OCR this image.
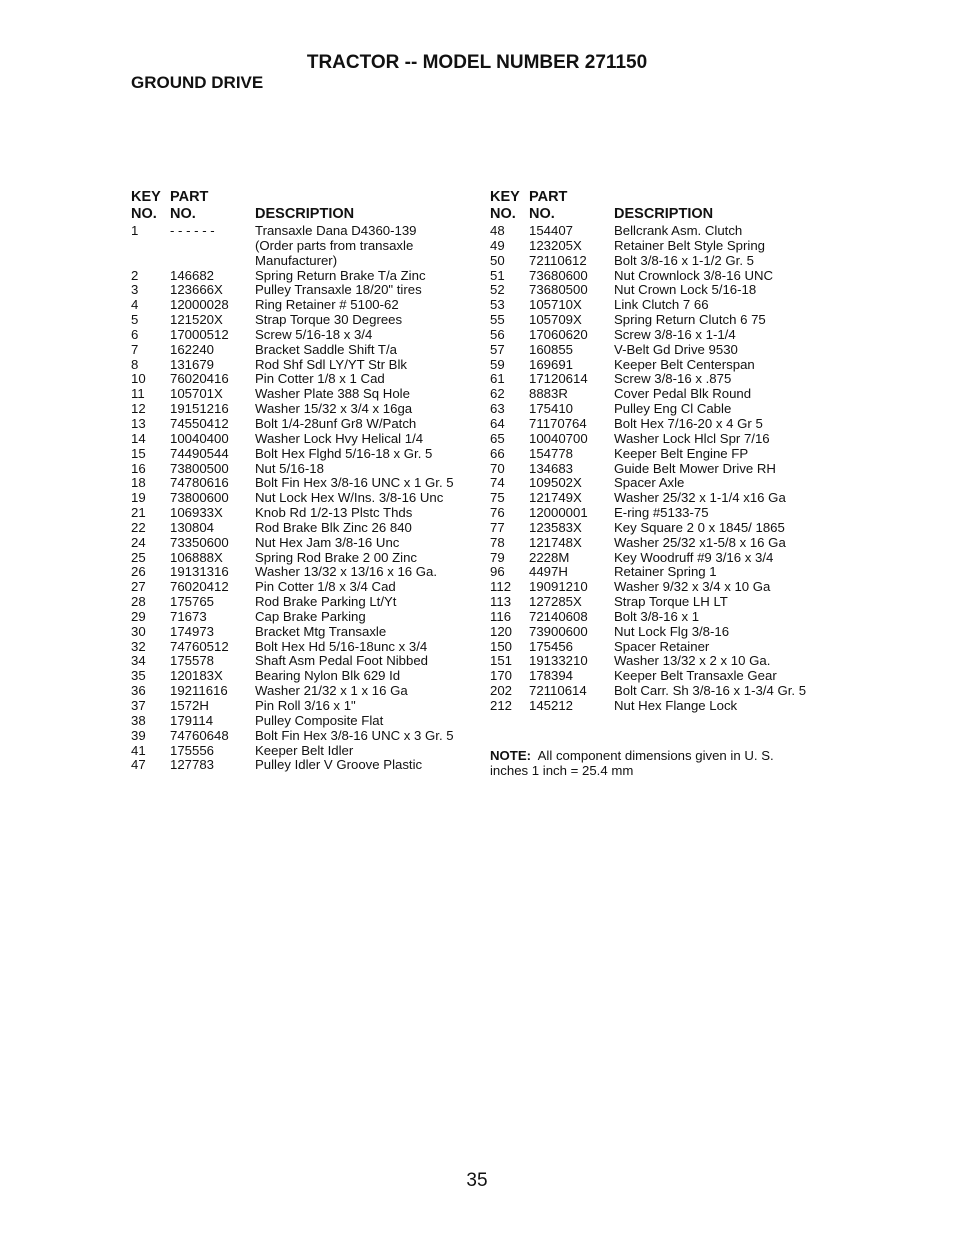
TRACTOR -- MODEL NUMBER 271150
GROUND DRIVE
KEY
NO.
PART
NO.	DESCRIPTION
1 - - - - - -	Transaxle Dana D4360-139
(Order parts from transaxle
Manufacturer)
2 146682	Spring Return Brake T/a Zinc
3 123666X Pulley Transaxle 18/20" tires
4 12000028 Ring Retainer # 5100-62
5 121520X Strap Torque 30 Degrees
6 17000512 Screw 5/16-18 x 3/4
7 162240	Bracket Saddle Shift T/a
8 131679	Rod Shf Sdl LY/YT Str Blk
10 76020416 Pin Cotter 1/8 x 1 Cad
11 105701X Washer Plate 388 Sq Hole
12 19151216 Washer 15/32 x 3/4 x 16ga
13 74550412 Bolt 1/4-28unf Gr8 W/Patch
14 10040400 Washer Lock Hvy Helical 1/4
15 74490544 Bolt Hex Flghd 5/16-18 x Gr. 5
16 73800500 Nut 5/16-18
18 74780616 Bolt Fin Hex 3/8-16 UNC x 1 Gr. 5
19 73800600 Nut Lock Hex W/Ins. 3/8-16 Unc
21 106933X Knob Rd 1/2-13 Plstc Thds
22 130804	Rod Brake Blk Zinc 26 840
24 73350600 Nut Hex Jam 3/8-16 Unc
25 106888X Spring Rod Brake 2 00 Zinc
26 19131316 Washer 13/32 x 13/16 x 16 Ga.
27 76020412 Pin Cotter 1/8 x 3/4 Cad
28 175765	Rod Brake Parking Lt/Yt
29 71673	Cap Brake Parking
30 174973	Bracket Mtg Transaxle
32 74760512 Bolt Hex Hd 5/16-18unc x 3/4
34 175578	Shaft Asm Pedal Foot Nibbed
35 120183X Bearing Nylon Blk 629 Id
36 19211616 Washer 21/32 x 1 x 16 Ga
37 1572H	Pin Roll 3/16 x 1"
38 179114	Pulley Composite Flat
39 74760648 Bolt Fin Hex 3/8-16 UNC x 3 Gr. 5
41 175556	Keeper Belt Idler
47 127783	Pulley Idler V Groove Plastic
KEY
NO.
PART
NO.	DESCRIPTION
48 154407	Bellcrank Asm. Clutch
49 123205X Retainer Belt Style Spring
50 72110612 Bolt 3/8-16 x 1-1/2 Gr. 5
51 73680600 Nut Crownlock 3/8-16 UNC
52 73680500 Nut Crown Lock 5/16-18
53 105710X Link Clutch 7 66
55 105709X Spring Return Clutch 6 75
56 17060620 Screw 3/8-16 x 1-1/4
57 160855	V-Belt Gd Drive 9530
59 169691	Keeper Belt Centerspan
61 17120614 Screw 3/8-16 x .875
62 8883R	Cover Pedal Blk Round
63 175410	Pulley Eng Cl Cable
64 71170764 Bolt Hex 7/16-20 x 4 Gr 5
65 10040700 Washer Lock Hlcl Spr 7/16
66 154778	Keeper Belt Engine FP
70 134683	Guide Belt Mower Drive RH
74 109502X Spacer Axle
75 121749X Washer 25/32 x 1-1/4 x16 Ga
76 12000001 E-ring #5133-75
77 123583X Key Square 2 0 x 1845/ 1865
78 121748X Washer 25/32 x1-5/8 x 16 Ga
79 2228M	Key Woodruff #9 3/16 x 3/4
96 4497H	Retainer Spring 1
112 19091210 Washer 9/32 x 3/4 x 10 Ga
113 127285X Strap Torque LH LT
116 72140608 Bolt 3/8-16 x 1
120 73900600 Nut Lock Flg 3/8-16
150 175456	Spacer Retainer
151 19133210 Washer 13/32 x 2 x 10 Ga.
170 178394	Keeper Belt Transaxle Gear
202 72110614 Bolt Carr. Sh 3/8-16 x 1-3/4 Gr. 5
212 145212	Nut Hex Flange Lock
NOTE: All component dimensions given in U. S. inches 1 inch = 25.4 mm
35
